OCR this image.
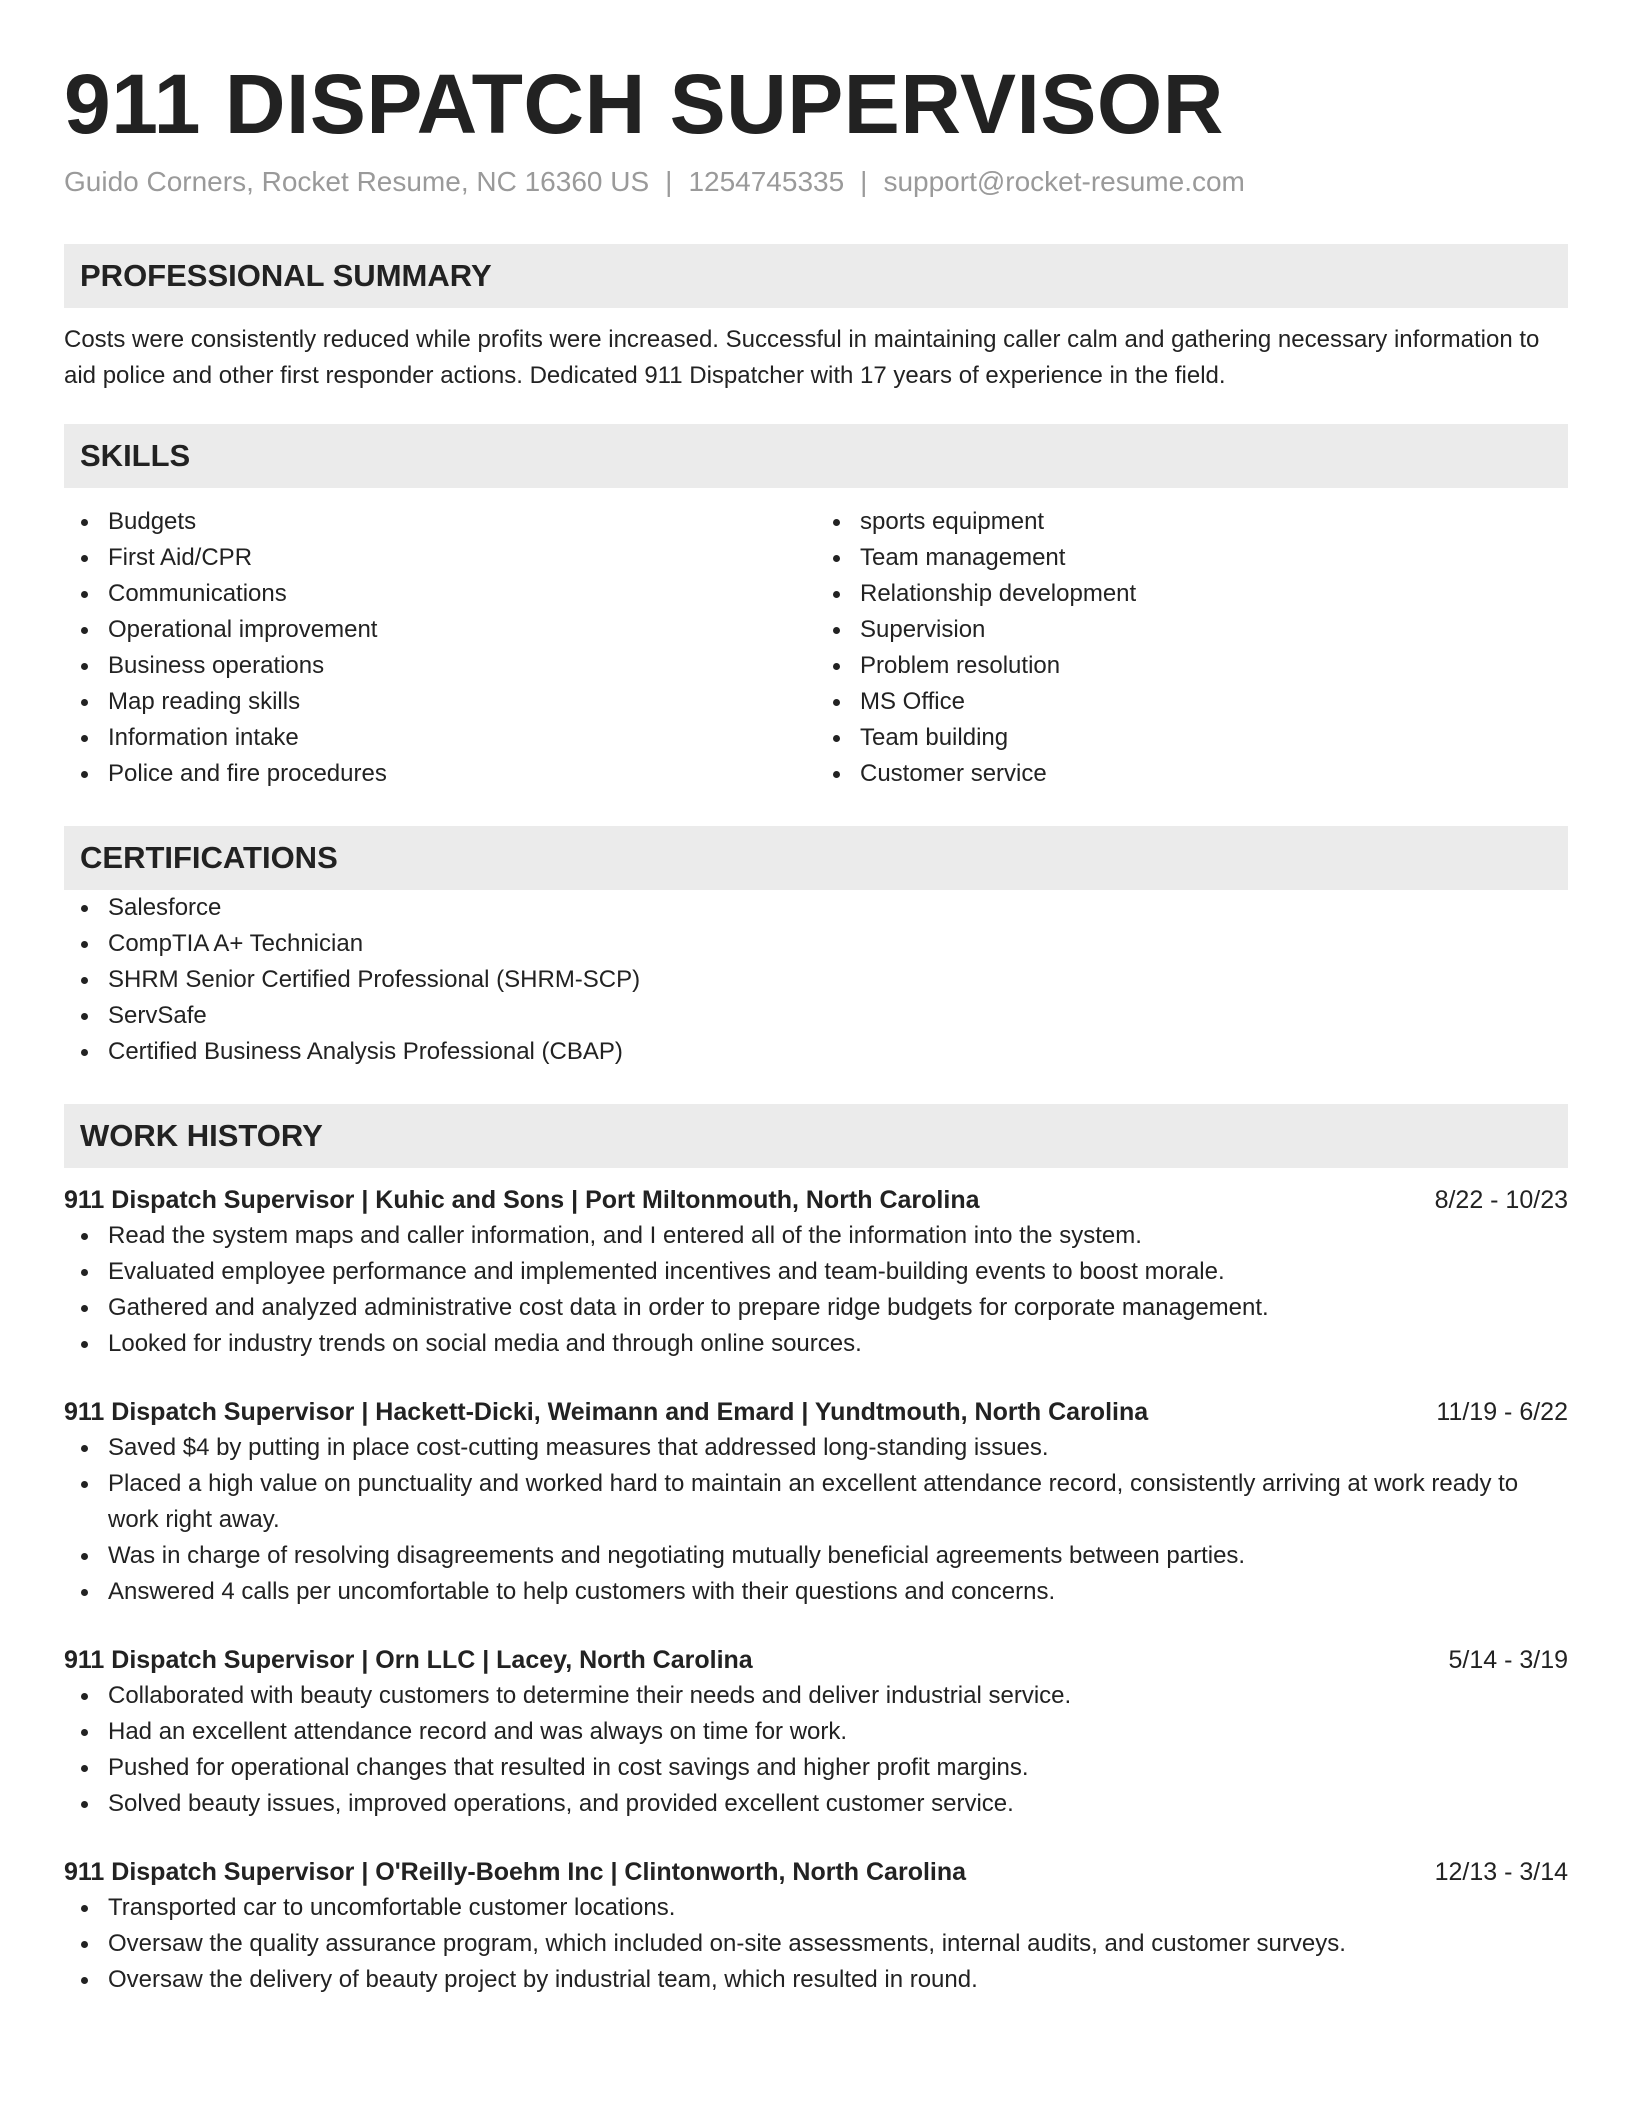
911 DISPATCH SUPERVISOR
Guido Corners, Rocket Resume, NC 16360 US | 1254745335 | support@rocket-resume.com
PROFESSIONAL SUMMARY
Costs were consistently reduced while profits were increased. Successful in maintaining caller calm and gathering necessary information to aid police and other first responder actions. Dedicated 911 Dispatcher with 17 years of experience in the field.
SKILLS
Budgets
First Aid/CPR
Communications
Operational improvement
Business operations
Map reading skills
Information intake
Police and fire procedures
sports equipment
Team management
Relationship development
Supervision
Problem resolution
MS Office
Team building
Customer service
CERTIFICATIONS
Salesforce
CompTIA A+ Technician
SHRM Senior Certified Professional (SHRM-SCP)
ServSafe
Certified Business Analysis Professional (CBAP)
WORK HISTORY
911 Dispatch Supervisor | Kuhic and Sons | Port Miltonmouth, North Carolina	8/22 - 10/23
Read the system maps and caller information, and I entered all of the information into the system.
Evaluated employee performance and implemented incentives and team-building events to boost morale.
Gathered and analyzed administrative cost data in order to prepare ridge budgets for corporate management.
Looked for industry trends on social media and through online sources.
911 Dispatch Supervisor | Hackett-Dicki, Weimann and Emard | Yundtmouth, North Carolina	11/19 - 6/22
Saved $4 by putting in place cost-cutting measures that addressed long-standing issues.
Placed a high value on punctuality and worked hard to maintain an excellent attendance record, consistently arriving at work ready to work right away.
Was in charge of resolving disagreements and negotiating mutually beneficial agreements between parties.
Answered 4 calls per uncomfortable to help customers with their questions and concerns.
911 Dispatch Supervisor | Orn LLC | Lacey, North Carolina	5/14 - 3/19
Collaborated with beauty customers to determine their needs and deliver industrial service.
Had an excellent attendance record and was always on time for work.
Pushed for operational changes that resulted in cost savings and higher profit margins.
Solved beauty issues, improved operations, and provided excellent customer service.
911 Dispatch Supervisor | O'Reilly-Boehm Inc | Clintonworth, North Carolina	12/13 - 3/14
Transported car to uncomfortable customer locations.
Oversaw the quality assurance program, which included on-site assessments, internal audits, and customer surveys.
Oversaw the delivery of beauty project by industrial team, which resulted in round.
